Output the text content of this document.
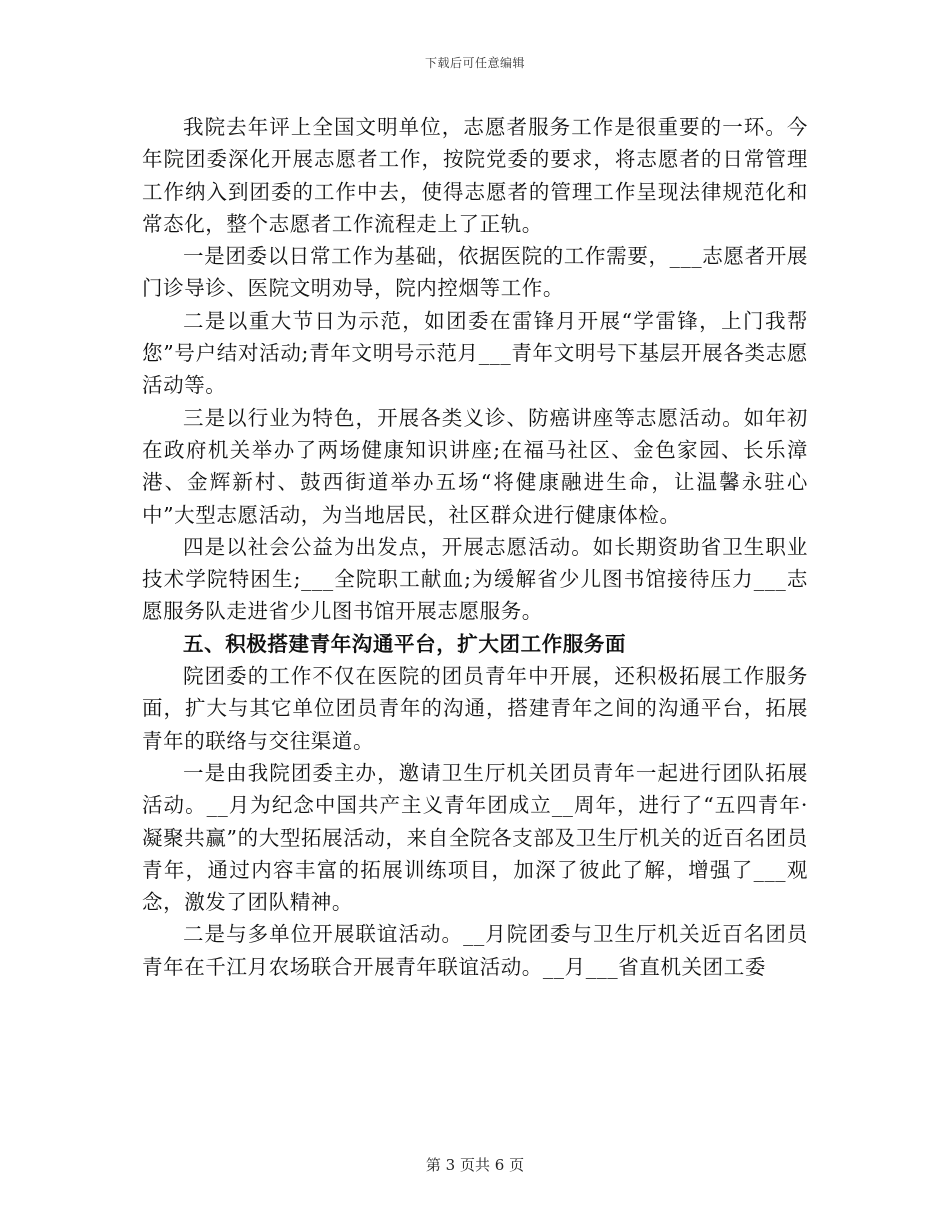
下载后可任意编辑

我院去年评上全国文明单位，志愿者服务工作是很重要的一环。今年院团委深化开展志愿者工作，按院党委的要求，将志愿者的日常管理工作纳入到团委的工作中去，使得志愿者的管理工作呈现法律规范化和常态化，整个志愿者工作流程走上了正轨。

一是团委以日常工作为基础，依据医院的工作需要，___志愿者开展门诊导诊、医院文明劝导，院内控烟等工作。

二是以重大节日为示范，如团委在雷锋月开展“学雷锋，上门我帮您”号户结对活动;青年文明号示范月___青年文明号下基层开展各类志愿活动等。

三是以行业为特色，开展各类义诊、防癌讲座等志愿活动。如年初在政府机关举办了两场健康知识讲座;在福马社区、金色家园、长乐漳港、金辉新村、鼓西街道举办五场“将健康融进生命，让温馨永驻心中”大型志愿活动，为当地居民，社区群众进行健康体检。

四是以社会公益为出发点，开展志愿活动。如长期资助省卫生职业技术学院特困生;___全院职工献血;为缓解省少儿图书馆接待压力___志愿服务队走进省少儿图书馆开展志愿服务。

五、积极搭建青年沟通平台，扩大团工作服务面

院团委的工作不仅在医院的团员青年中开展，还积极拓展工作服务面，扩大与其它单位团员青年的沟通，搭建青年之间的沟通平台，拓展青年的联络与交往渠道。

一是由我院团委主办，邀请卫生厅机关团员青年一起进行团队拓展活动。__月为纪念中国共产主义青年团成立__周年，进行了“五四青年·凝聚共赢”的大型拓展活动，来自全院各支部及卫生厅机关的近百名团员青年，通过内容丰富的拓展训练项目，加深了彼此了解，增强了___观念，激发了团队精神。

二是与多单位开展联谊活动。__月院团委与卫生厅机关近百名团员青年在千江月农场联合开展青年联谊活动。__月___省直机关团工委

第 3 页共 6 页
